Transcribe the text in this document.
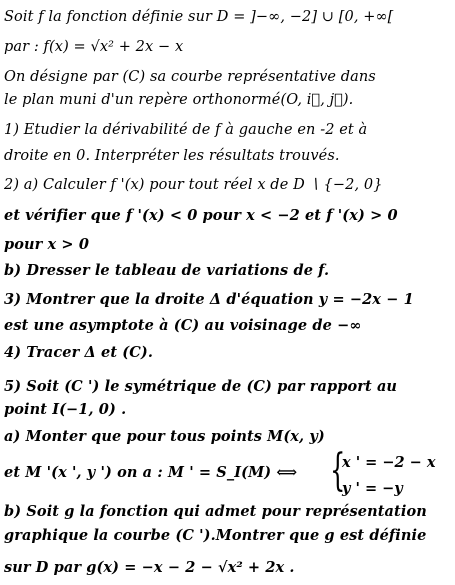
Soit f la fonction définie sur D = ]−∞, −2] ∪ [0, +∞[
par : f(x) = √x² + 2x − x
On désigne par (C) sa courbe représentative dans
le plan muni d'un repère orthonormé(O, i⃗, j⃗).
1) Etudier la dérivabilité de f à gauche en -2 et à
droite en 0. Interpréter les résultats trouvés.
2) a) Calculer f '(x) pour tout réel x de D ∖ {−2, 0}
et vérifier que f '(x) < 0 pour x < −2 et f '(x) > 0
pour x > 0
b) Dresser le tableau de variations de f.
3) Montrer que la droite Δ d'équation y = −2x − 1
est une asymptote à (C) au voisinage de −∞
4) Tracer Δ et (C).
5) Soit (C ') le symétrique de (C) par rapport au
point I(−1, 0) .
a) Monter que pour tous points M(x, y)
et M '(x ', y ') on a : M ' = S_I(M) ⟺ {
x ' = −2 − x
y ' = −y
b) Soit g la fonction qui admet pour représentation
graphique la courbe (C ').Montrer que g est définie
sur D par g(x) = −x − 2 − √x² + 2x .
